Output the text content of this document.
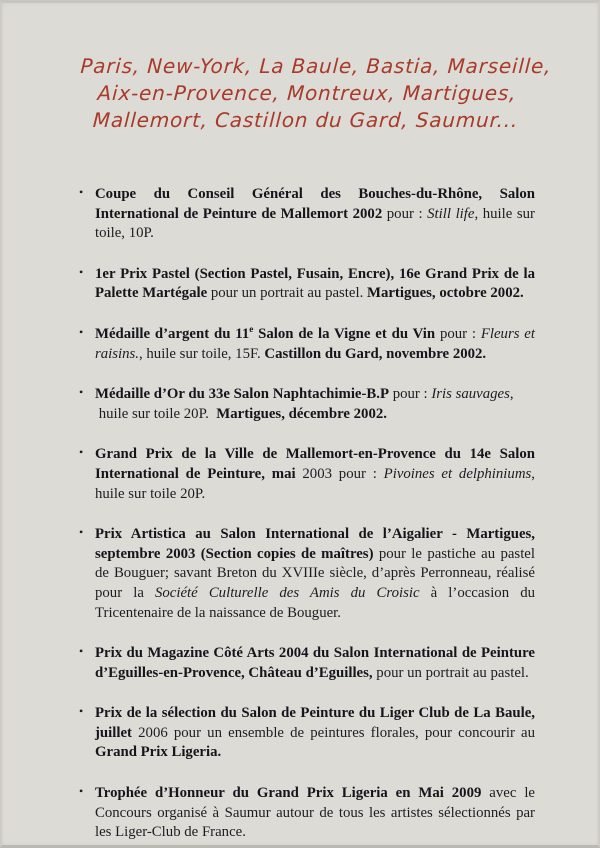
Paris, New-York, La Baule, Bastia, Marseille,
Aix-en-Provence, Montreux, Martigues,
Mallemort, Castillon du Gard, Saumur...
• Coupe du Conseil Général des Bouches-du-Rhône, Salon International de Peinture de Mallemort 2002 pour : Still life, huile sur toile, 10P.
• 1er Prix Pastel (Section Pastel, Fusain, Encre), 16e Grand Prix de la Palette Martégale pour un portrait au pastel. Martigues, octobre 2002.
• Médaille d’argent du 11e Salon de la Vigne et du Vin pour : Fleurs et raisins., huile sur toile, 15F. Castillon du Gard, novembre 2002.
• Médaille d’Or du 33e Salon Naphtachimie-B.P pour : Iris sauvages,
huile sur toile 20P.  Martigues, décembre 2002.
• Grand Prix de la Ville de Mallemort-en-Provence du 14e Salon International de Peinture, mai 2003 pour : Pivoines et delphiniums, huile sur toile 20P.
• Prix Artistica au Salon International de l’Aigalier - Martigues, septembre 2003 (Section copies de maîtres) pour le pastiche au pastel de Bouguer; savant Breton du XVIIIe siècle, d’après Perronneau, réalisé pour la Société Culturelle des Amis du Croisic à l’occasion du Tricentenaire de la naissance de Bouguer.
• Prix du Magazine Côté Arts 2004 du Salon International de Peinture d’Eguilles-en-Provence, Château d’Eguilles, pour un portrait au pastel.
• Prix de la sélection du Salon de Peinture du Liger Club de La Baule, juillet 2006 pour un ensemble de peintures florales, pour concourir au Grand Prix Ligeria.
• Trophée d’Honneur du Grand Prix Ligeria en Mai 2009 avec le Concours organisé à Saumur autour de tous les artistes sélectionnés par les Liger-Club de France.
